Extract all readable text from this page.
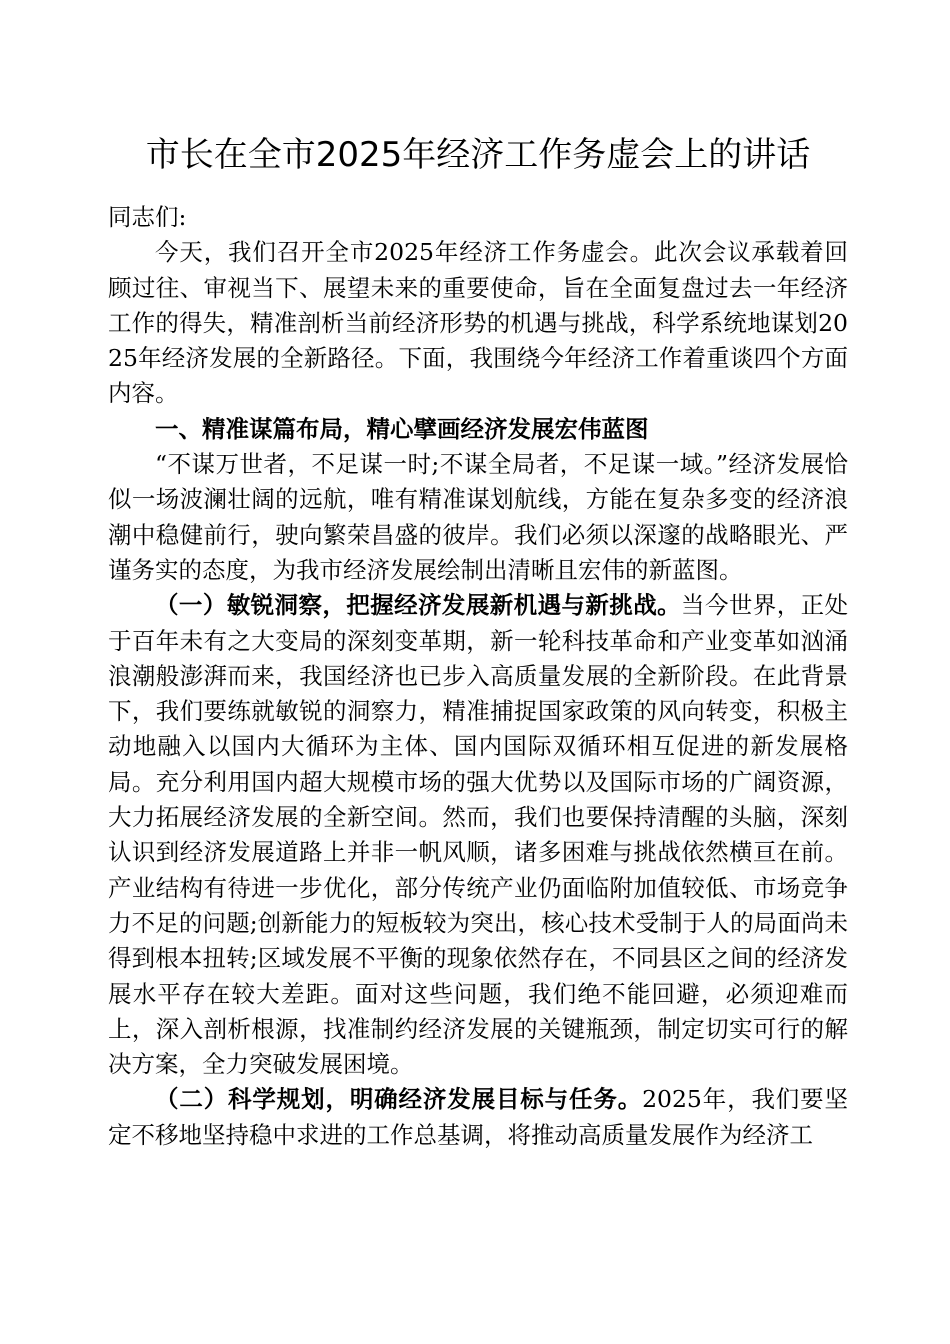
市长在全市2025年经济工作务虚会上的讲话

同志们:

今天，我们召开全市2025年经济工作务虚会。此次会议承载着回顾过往、审视当下、展望未来的重要使命，旨在全面复盘过去一年经济工作的得失，精准剖析当前经济形势的机遇与挑战，科学系统地谋划2025年经济发展的全新路径。下面，我围绕今年经济工作着重谈四个方面内容。

一、精准谋篇布局，精心擘画经济发展宏伟蓝图

“不谋万世者，不足谋一时;不谋全局者，不足谋一域。”经济发展恰似一场波澜壮阔的远航，唯有精准谋划航线，方能在复杂多变的经济浪潮中稳健前行，驶向繁荣昌盛的彼岸。我们必须以深邃的战略眼光、严谨务实的态度，为我市经济发展绘制出清晰且宏伟的新蓝图。

（一）敏锐洞察，把握经济发展新机遇与新挑战。当今世界，正处于百年未有之大变局的深刻变革期，新一轮科技革命和产业变革如汹涌浪潮般澎湃而来，我国经济也已步入高质量发展的全新阶段。在此背景下，我们要练就敏锐的洞察力，精准捕捉国家政策的风向转变，积极主动地融入以国内大循环为主体、国内国际双循环相互促进的新发展格局。充分利用国内超大规模市场的强大优势以及国际市场的广阔资源，大力拓展经济发展的全新空间。然而，我们也要保持清醒的头脑，深刻认识到经济发展道路上并非一帆风顺，诸多困难与挑战依然横亘在前。产业结构有待进一步优化，部分传统产业仍面临附加值较低、市场竞争力不足的问题;创新能力的短板较为突出，核心技术受制于人的局面尚未得到根本扭转;区域发展不平衡的现象依然存在，不同县区之间的经济发展水平存在较大差距。面对这些问题，我们绝不能回避，必须迎难而上，深入剖析根源，找准制约经济发展的关键瓶颈，制定切实可行的解决方案，全力突破发展困境。

（二）科学规划，明确经济发展目标与任务。2025年，我们要坚定不移地坚持稳中求进的工作总基调，将推动高质量发展作为经济工
